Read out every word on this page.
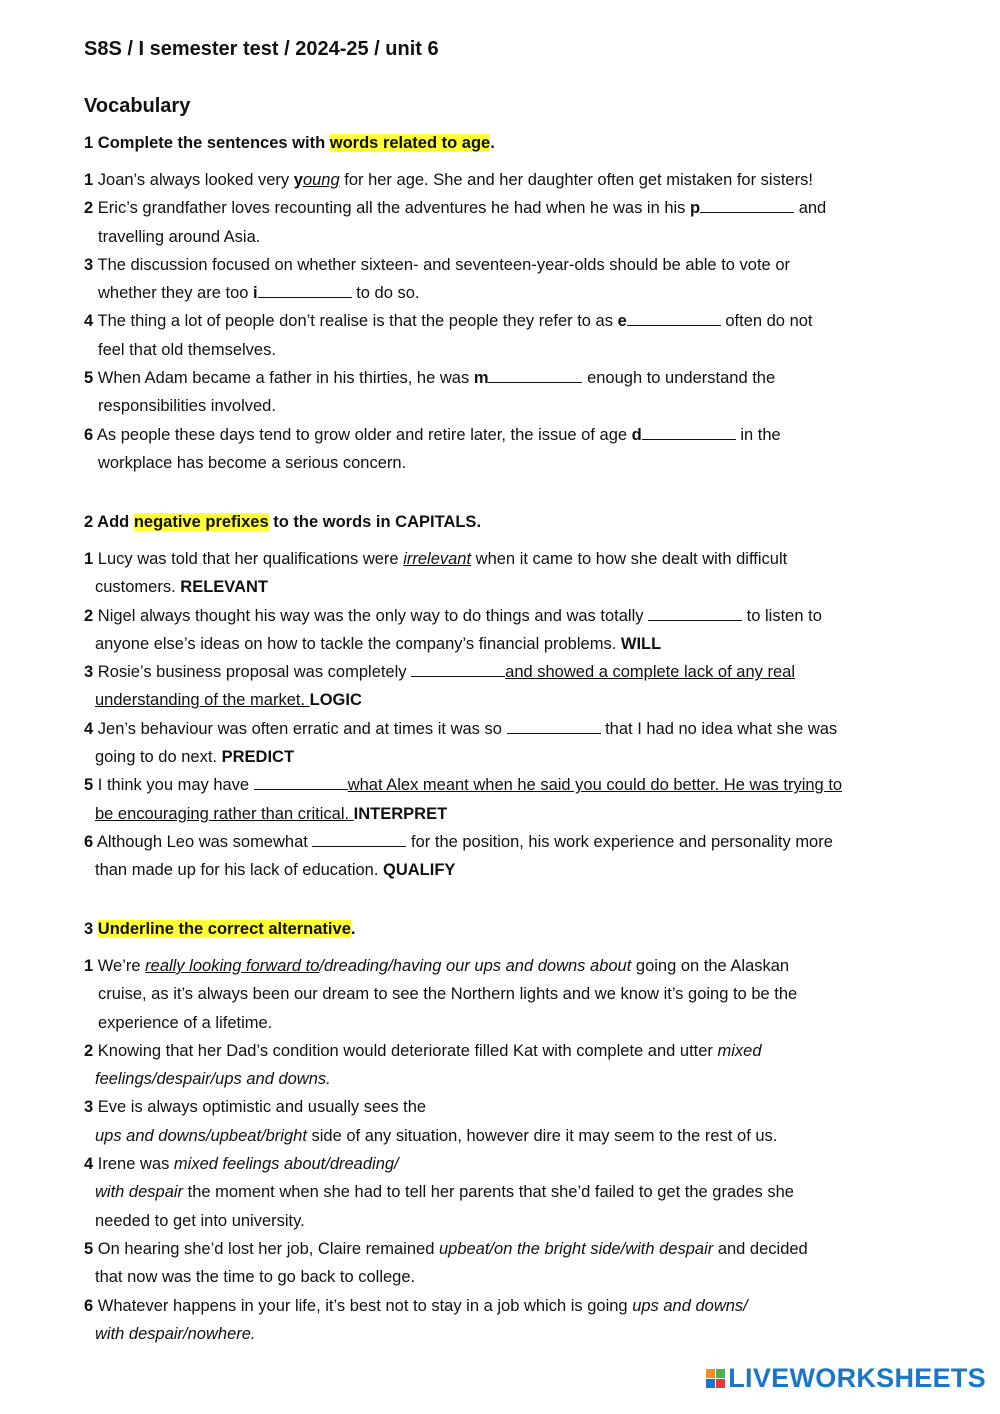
S8S / I semester test / 2024-25 / unit 6
Vocabulary
1 Complete the sentences with words related to age.
1 Joan’s always looked very young for her age. She and her daughter often get mistaken for sisters!
2 Eric’s grandfather loves recounting all the adventures he had when he was in his p	and
travelling around Asia.
3 The discussion focused on whether sixteen- and seventeen-year-olds should be able to vote or
whether they are too i	to do so.
4 The thing a lot of people don’t realise is that the people they refer to as e	often do not
feel that old themselves.
5 When Adam became a father in his thirties, he was m	enough to understand the
responsibilities involved.
6 As people these days tend to grow older and retire later, the issue of age d	in the
workplace has become a serious concern.
2 Add negative prefixes to the words in CAPITALS.
1 Lucy was told that her qualifications were irrelevant when it came to how she dealt with difficult
customers. RELEVANT
2 Nigel always thought his way was the only way to do things and was totally	to listen to
anyone else’s ideas on how to tackle the company’s financial problems. WILL
3 Rosie’s business proposal was completely	and showed a complete lack of any real
understanding of the market. LOGIC
4 Jen’s behaviour was often erratic and at times it was so	that I had no idea what she was
going to do next. PREDICT
5 I think you may have	what Alex meant when he said you could do better. He was trying to
be encouraging rather than critical. INTERPRET
6 Although Leo was somewhat	for the position, his work experience and personality more
than made up for his lack of education. QUALIFY
3 Underline the correct alternative.
1 We’re really looking forward to/dreading/having our ups and downs about going on the Alaskan
cruise, as it’s always been our dream to see the Northern lights and we know it’s going to be the
experience of a lifetime.
2 Knowing that her Dad’s condition would deteriorate filled Kat with complete and utter mixed
feelings/despair/ups and downs.
3 Eve is always optimistic and usually sees the
ups and downs/upbeat/bright side of any situation, however dire it may seem to the rest of us.
4 Irene was mixed feelings about/dreading/
with despair the moment when she had to tell her parents that she’d failed to get the grades she
needed to get into university.
5 On hearing she’d lost her job, Claire remained upbeat/on the bright side/with despair and decided
that now was the time to go back to college.
6 Whatever happens in your life, it’s best not to stay in a job which is going ups and downs/
with despair/nowhere.
LIVEWORKSHEETS
